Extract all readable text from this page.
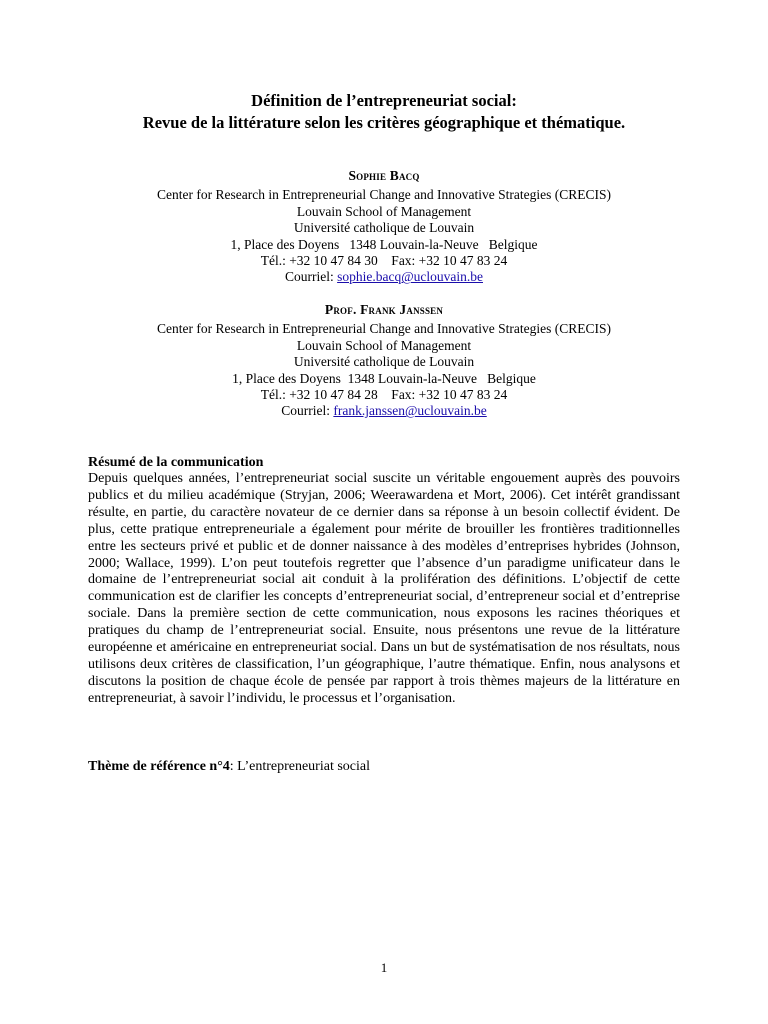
Définition de l’entrepreneuriat social:
Revue de la littérature selon les critères géographique et thématique.
Sophie Bacq
Center for Research in Entrepreneurial Change and Innovative Strategies (CRECIS)
Louvain School of Management
Université catholique de Louvain
1, Place des Doyens   1348 Louvain-la-Neuve   Belgique
Tél.: +32 10 47 84 30    Fax: +32 10 47 83 24
Courriel: sophie.bacq@uclouvain.be
Prof. Frank Janssen
Center for Research in Entrepreneurial Change and Innovative Strategies (CRECIS)
Louvain School of Management
Université catholique de Louvain
1, Place des Doyens  1348 Louvain-la-Neuve   Belgique
Tél.: +32 10 47 84 28    Fax: +32 10 47 83 24
Courriel: frank.janssen@uclouvain.be
Résumé de la communication

Depuis quelques années, l’entrepreneuriat social suscite un véritable engouement auprès des pouvoirs publics et du milieu académique (Stryjan, 2006; Weerawardena et Mort, 2006). Cet intérêt grandissant résulte, en partie, du caractère novateur de ce dernier dans sa réponse à un besoin collectif évident. De plus, cette pratique entrepreneuriale a également pour mérite de brouiller les frontières traditionnelles entre les secteurs privé et public et de donner naissance à des modèles d’entreprises hybrides (Johnson, 2000; Wallace, 1999). L’on peut toutefois regretter que l’absence d’un paradigme unificateur dans le domaine de l’entrepreneuriat social ait conduit à la prolifération des définitions. L’objectif de cette communication est de clarifier les concepts d’entrepreneuriat social, d’entrepreneur social et d’entreprise sociale. Dans la première section de cette communication, nous exposons les racines théoriques et pratiques du champ de l’entrepreneuriat social. Ensuite, nous présentons une revue de la littérature européenne et américaine en entrepreneuriat social. Dans un but de systématisation de nos résultats, nous utilisons deux critères de classification, l’un géographique, l’autre thématique. Enfin, nous analysons et discutons la position de chaque école de pensée par rapport à trois thèmes majeurs de la littérature en entrepreneuriat, à savoir l’individu, le processus et l’organisation.

Thème de référence n°4: L’entrepreneuriat social
1
